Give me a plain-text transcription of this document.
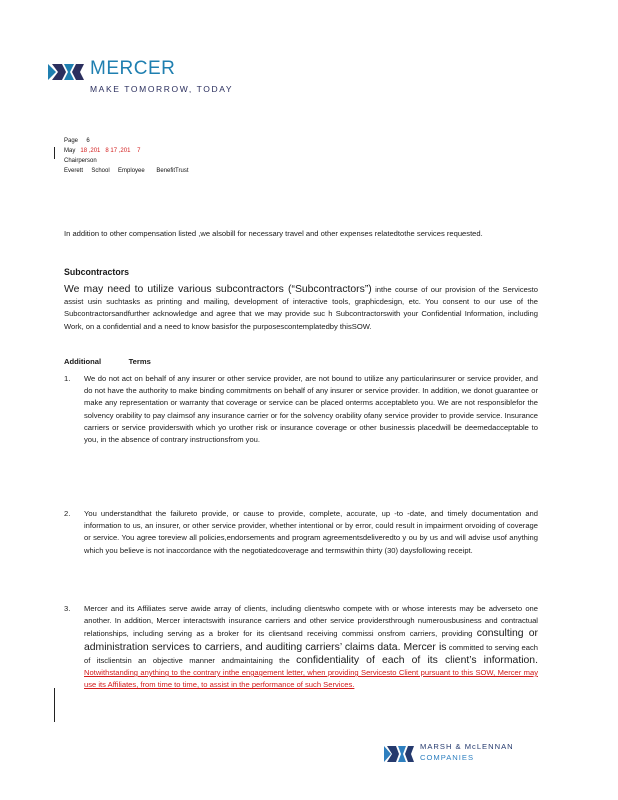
MERCER
MAKE TOMORROW, TODAY
Page 6
May 18 ,201   8 17 ,201    7
Chairperson
Everett     School     Employee       BenefitTrust
In addition to other compensation listed ,we alsobill for necessary travel and other expenses relatedtothe services requested.
Subcontractors
We may need to utilize various subcontractors (“Subcontractors”) inthe course of our provision of the Servicesto assist usin suchtasks as printing and mailing, development of interactive tools, graphicdesign, etc. You consent to our use of the Subcontractorsandfurther acknowledge and agree that we may provide suc h Subcontractorswith your Confidential Information, including Work, on a confidential and a need to know basisfor the purposescontemplatedby thisSOW.
Additional	Terms
1.	We do not act on behalf of any insurer or other service provider, are not bound to utilize any particularinsurer or service provider, and do not have the authority to make binding commitments on behalf of any insurer or service provider. In addition, we donot guarantee or make any representation or warranty that coverage or service can be placed onterms acceptableto you. We are not responsiblefor the solvency orability to pay claimsof any insurance carrier or for the solvency orability ofany service provider to provide service. Insurance carriers or service providerswith which yo urother risk or insurance coverage or other businessis placedwill be deemedacceptable to you, in the absence of contrary instructionsfrom you.
2.	You understandthat the failureto provide, or cause to provide, complete, accurate, up -to -date, and timely documentation and information to us, an insurer, or other service provider, whether intentional or by error, could result in impairment orvoiding of coverage or service. You agree toreview all policies,endorsements and program agreementsdeliveredto y ou by us and will advise usof anything which you believe is not inaccordance with the negotiatedcoverage and termswithin thirty (30) daysfollowing receipt.
3.	Mercer and its Affiliates serve awide array of clients, including clientswho compete with or whose interests may be adverseto one another. In addition, Mercer interactswith insurance carriers and other service providersthrough numerousbusiness and contractual relationships, including serving as a broker for its clientsand receiving commissi onsfrom carriers, providing consulting or administration services to carriers, and auditing carriers’ claims data. Mercer is committed to serving each of itsclientsin an objective manner andmaintaining the confidentiality of each of its client’s information. Notwithstanding anything to the contrary inthe engagement letter, when providing Servicesto Client pursuant to this SOW, Mercer may use its Affiliates, from time to time, to assist in the performance of such Services.
MARSH & McLENNAN
COMPANIES
